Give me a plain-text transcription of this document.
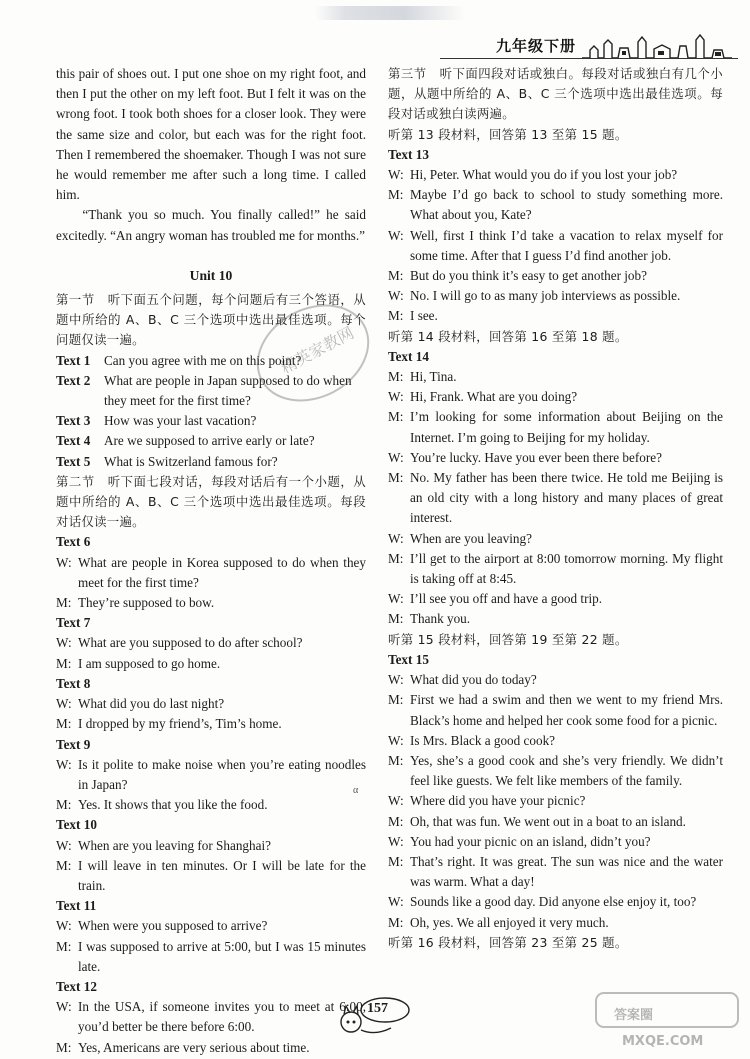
九年级下册

this pair of shoes out. I put one shoe on my right foot, and then I put the other on my left foot. But I felt it was on the wrong foot. I took both shoes for a closer look. They were the same size and color, but each was for the right foot. Then I remembered the shoemaker. Though I was not sure he would remember me after such a long time. I called him.

“Thank you so much. You finally called!” he said excitedly. “An angry woman has troubled me for months.”

Unit 10

第一节　听下面五个问题，每个问题后有三个答语，从题中所给的 A、B、C 三个选项中选出最佳选项。每个问题仅读一遍。

Text 1	Can you agree with me on this point?
Text 2	What are people in Japan supposed to do when they meet for the first time?
Text 3	How was your last vacation?
Text 4	Are we supposed to arrive early or late?
Text 5	What is Switzerland famous for?

第二节　听下面七段对话，每段对话后有一个小题，从题中所给的 A、B、C 三个选项中选出最佳选项。每段对话仅读一遍。

Text 6

W: What are people in Korea supposed to do when they meet for the first time?

M: They’re supposed to bow.

Text 7

W: What are you supposed to do after school?

M: I am supposed to go home.

Text 8

W: What did you do last night?

M: I dropped by my friend’s, Tim’s home.

Text 9

W: Is it polite to make noise when you’re eating noodles in Japan?

M: Yes. It shows that you like the food.

Text 10

W: When are you leaving for Shanghai?

M: I will leave in ten minutes. Or I will be late for the train.

Text 11

W: When were you supposed to arrive?

M: I was supposed to arrive at 5:00, but I was 15 minutes late.

Text 12

W: In the USA, if someone invites you to meet at 6:00, you’d better be there before 6:00.

M: Yes, Americans are very serious about time.

第三节　听下面四段对话或独白。每段对话或独白有几个小题，从题中所给的 A、B、C 三个选项中选出最佳选项。每段对话或独白读两遍。

听第 13 段材料，回答第 13 至第 15 题。

Text 13

W: Hi, Peter. What would you do if you lost your job?

M: Maybe I’d go back to school to study something more. What about you, Kate?

W: Well, first I think I’d take a vacation to relax myself for some time. After that I guess I’d find another job.

M: But do you think it’s easy to get another job?

W: No. I will go to as many job interviews as possible.

M: I see.

听第 14 段材料，回答第 16 至第 18 题。

Text 14

M: Hi, Tina.

W: Hi, Frank. What are you doing?

M: I’m looking for some information about Beijing on the Internet. I’m going to Beijing for my holiday.

W: You’re lucky. Have you ever been there before?

M: No. My father has been there twice. He told me Beijing is an old city with a long history and many places of great interest.

W: When are you leaving?

M: I’ll get to the airport at 8:00 tomorrow morning. My flight is taking off at 8:45.

W: I’ll see you off and have a good trip.

M: Thank you.

听第 15 段材料，回答第 19 至第 22 题。

Text 15

W: What did you do today?

M: First we had a swim and then we went to my friend Mrs. Black’s home and helped her cook some food for a picnic.

W: Is Mrs. Black a good cook?

M: Yes, she’s a good cook and she’s very friendly. We didn’t feel like guests. We felt like members of the family.

W: Where did you have your picnic?

M: Oh, that was fun. We went out in a boat to an island.

W: You had your picnic on an island, didn’t you?

M: That’s right. It was great. The sun was nice and the water was warm. What a day!

W: Sounds like a good day. Did anyone else enjoy it, too?

M: Oh, yes. We all enjoyed it very much.

听第 16 段材料，回答第 23 至第 25 题。

精英家教网
α
157	答案圈
MXQE.COM
